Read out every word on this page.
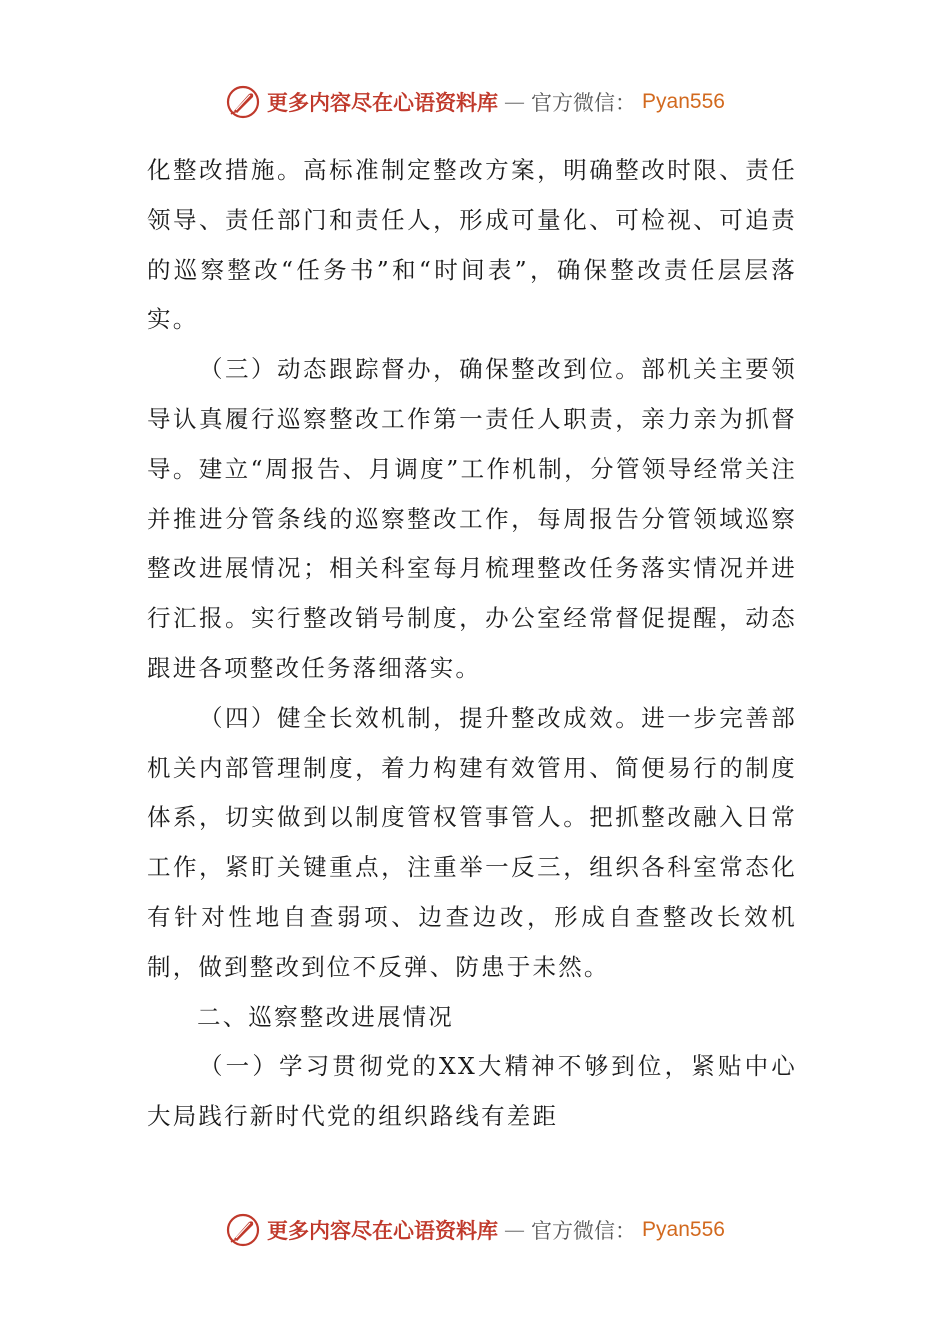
更多内容尽在心语资料库 — 官方微信： Pyan556

化整改措施。高标准制定整改方案，明确整改时限、责任领导、责任部门和责任人，形成可量化、可检视、可追责的巡察整改“任务书”和“时间表”，确保整改责任层层落实。

（三）动态跟踪督办，确保整改到位。部机关主要领导认真履行巡察整改工作第一责任人职责，亲力亲为抓督导。建立“周报告、月调度”工作机制，分管领导经常关注并推进分管条线的巡察整改工作，每周报告分管领域巡察整改进展情况；相关科室每月梳理整改任务落实情况并进行汇报。实行整改销号制度，办公室经常督促提醒，动态跟进各项整改任务落细落实。

（四）健全长效机制，提升整改成效。进一步完善部机关内部管理制度，着力构建有效管用、简便易行的制度体系，切实做到以制度管权管事管人。把抓整改融入日常工作，紧盯关键重点，注重举一反三，组织各科室常态化有针对性地自查弱项、边查边改，形成自查整改长效机制，做到整改到位不反弹、防患于未然。

二、巡察整改进展情况

（一）学习贯彻党的XX大精神不够到位，紧贴中心大局践行新时代党的组织路线有差距

更多内容尽在心语资料库 — 官方微信： Pyan556
